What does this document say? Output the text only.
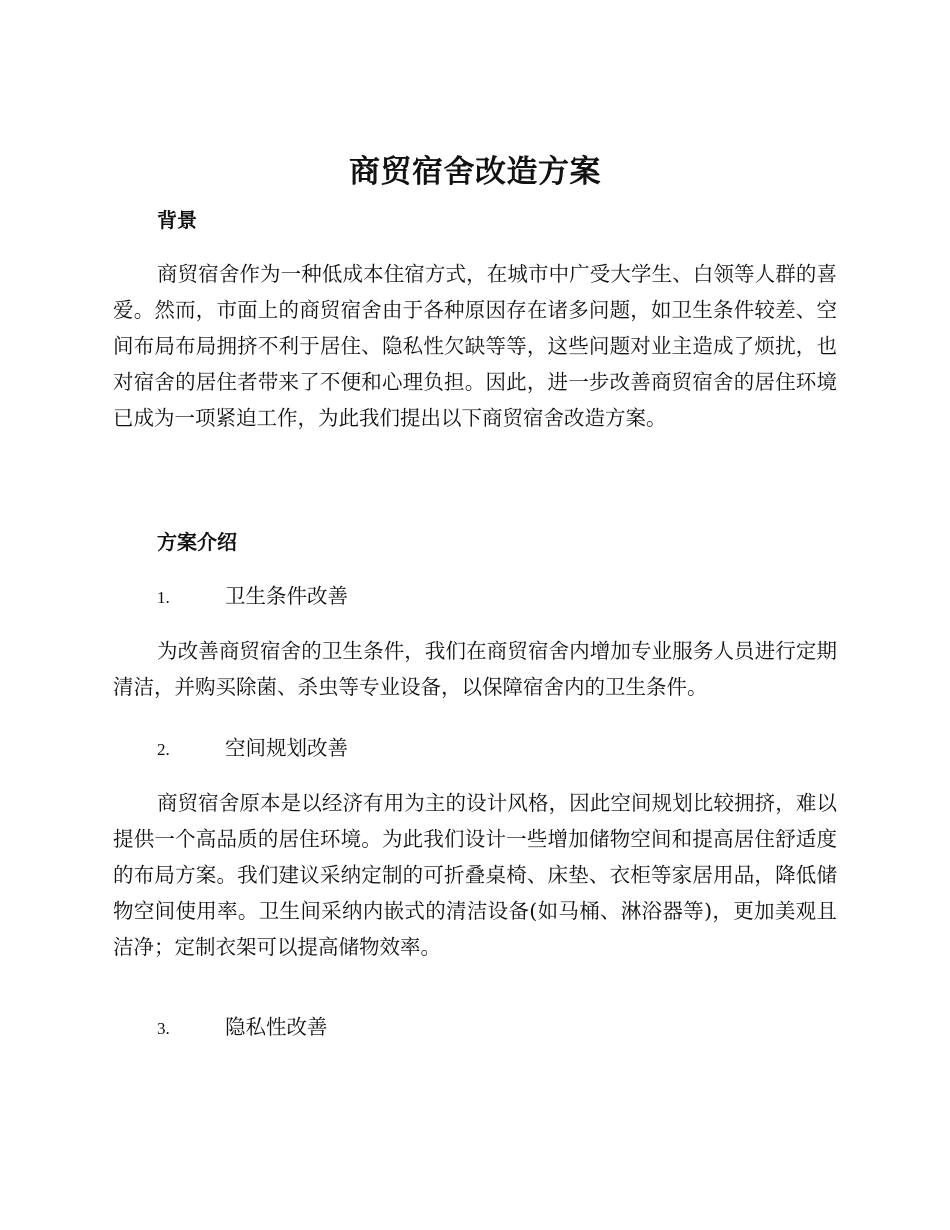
商贸宿舍改造方案
背景
商贸宿舍作为一种低成本住宿方式，在城市中广受大学生、白领等人群的喜爱。然而，市面上的商贸宿舍由于各种原因存在诸多问题，如卫生条件较差、空间布局布局拥挤不利于居住、隐私性欠缺等等，这些问题对业主造成了烦扰，也对宿舍的居住者带来了不便和心理负担。因此，进一步改善商贸宿舍的居住环境已成为一项紧迫工作，为此我们提出以下商贸宿舍改造方案。
方案介绍
1.	卫生条件改善
为改善商贸宿舍的卫生条件，我们在商贸宿舍内增加专业服务人员进行定期清洁，并购买除菌、杀虫等专业设备，以保障宿舍内的卫生条件。
2.	空间规划改善
商贸宿舍原本是以经济有用为主的设计风格，因此空间规划比较拥挤，难以提供一个高品质的居住环境。为此我们设计一些增加储物空间和提高居住舒适度的布局方案。我们建议采纳定制的可折叠桌椅、床垫、衣柜等家居用品，降低储物空间使用率。卫生间采纳内嵌式的清洁设备(如马桶、淋浴器等)，更加美观且洁净；定制衣架可以提高储物效率。
3.	隐私性改善
